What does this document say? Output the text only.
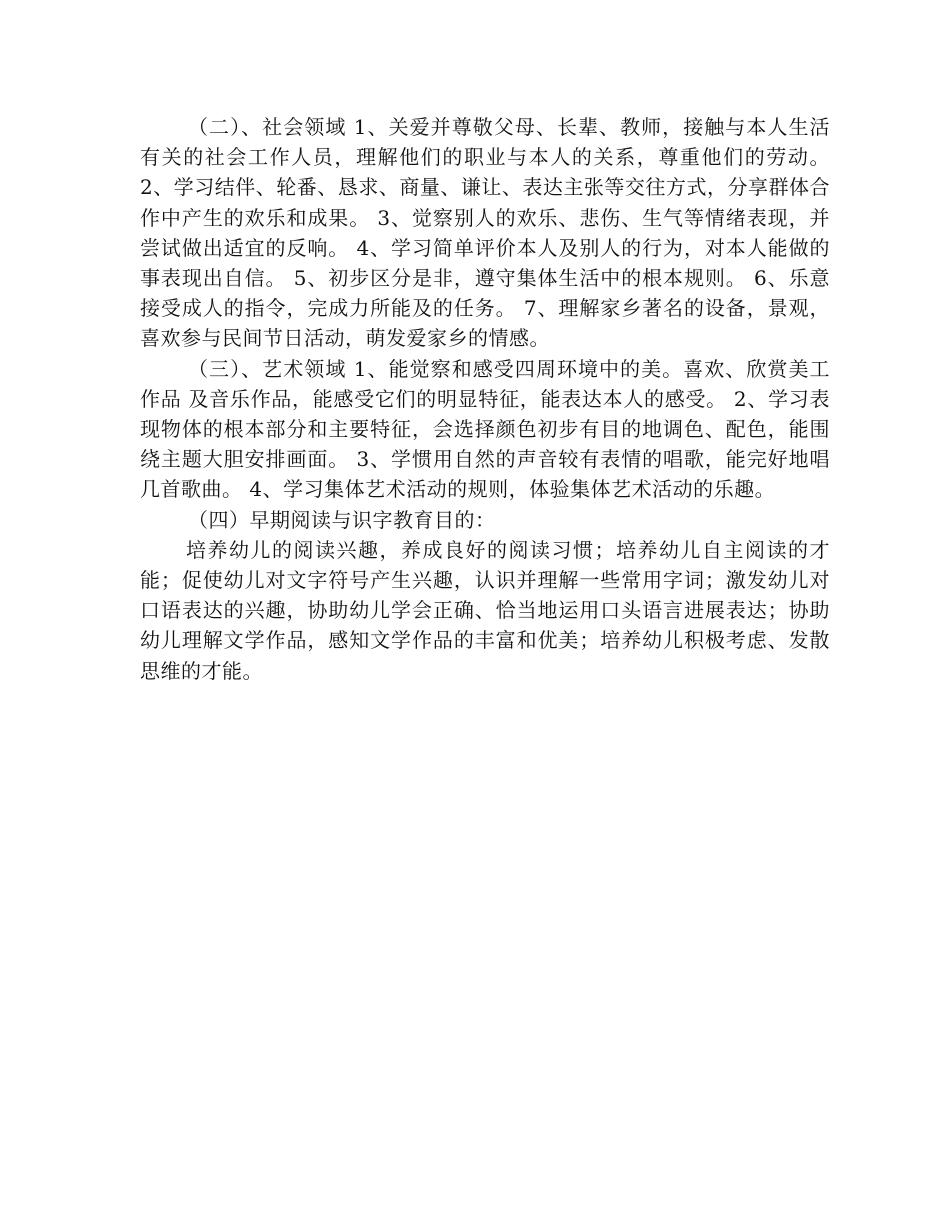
（二）、社会领域 1、关爱并尊敬父母、长辈、教师，接触与本人生活有关的社会工作人员，理解他们的职业与本人的关系，尊重他们的劳动。 2、学习结伴、轮番、恳求、商量、谦让、表达主张等交往方式，分享群体合作中产生的欢乐和成果。 3、觉察别人的欢乐、悲伤、生气等情绪表现，并尝试做出适宜的反响。 4、学习简单评价本人及别人的行为，对本人能做的事表现出自信。 5、初步区分是非，遵守集体生活中的根本规则。 6、乐意接受成人的指令，完成力所能及的任务。 7、理解家乡著名的设备，景观，喜欢参与民间节日活动，萌发爱家乡的情感。

（三）、艺术领域 1、能觉察和感受四周环境中的美。喜欢、欣赏美工作品 及音乐作品，能感受它们的明显特征，能表达本人的感受。 2、学习表现物体的根本部分和主要特征，会选择颜色初步有目的地调色、配色，能围绕主题大胆安排画面。 3、学惯用自然的声音较有表情的唱歌，能完好地唱几首歌曲。 4、学习集体艺术活动的规则，体验集体艺术活动的乐趣。

（四）早期阅读与识字教育目的：

培养幼儿的阅读兴趣，养成良好的阅读习惯；培养幼儿自主阅读的才能；促使幼儿对文字符号产生兴趣，认识并理解一些常用字词；激发幼儿对口语表达的兴趣，协助幼儿学会正确、恰当地运用口头语言进展表达；协助幼儿理解文学作品，感知文学作品的丰富和优美；培养幼儿积极考虑、发散思维的才能。
